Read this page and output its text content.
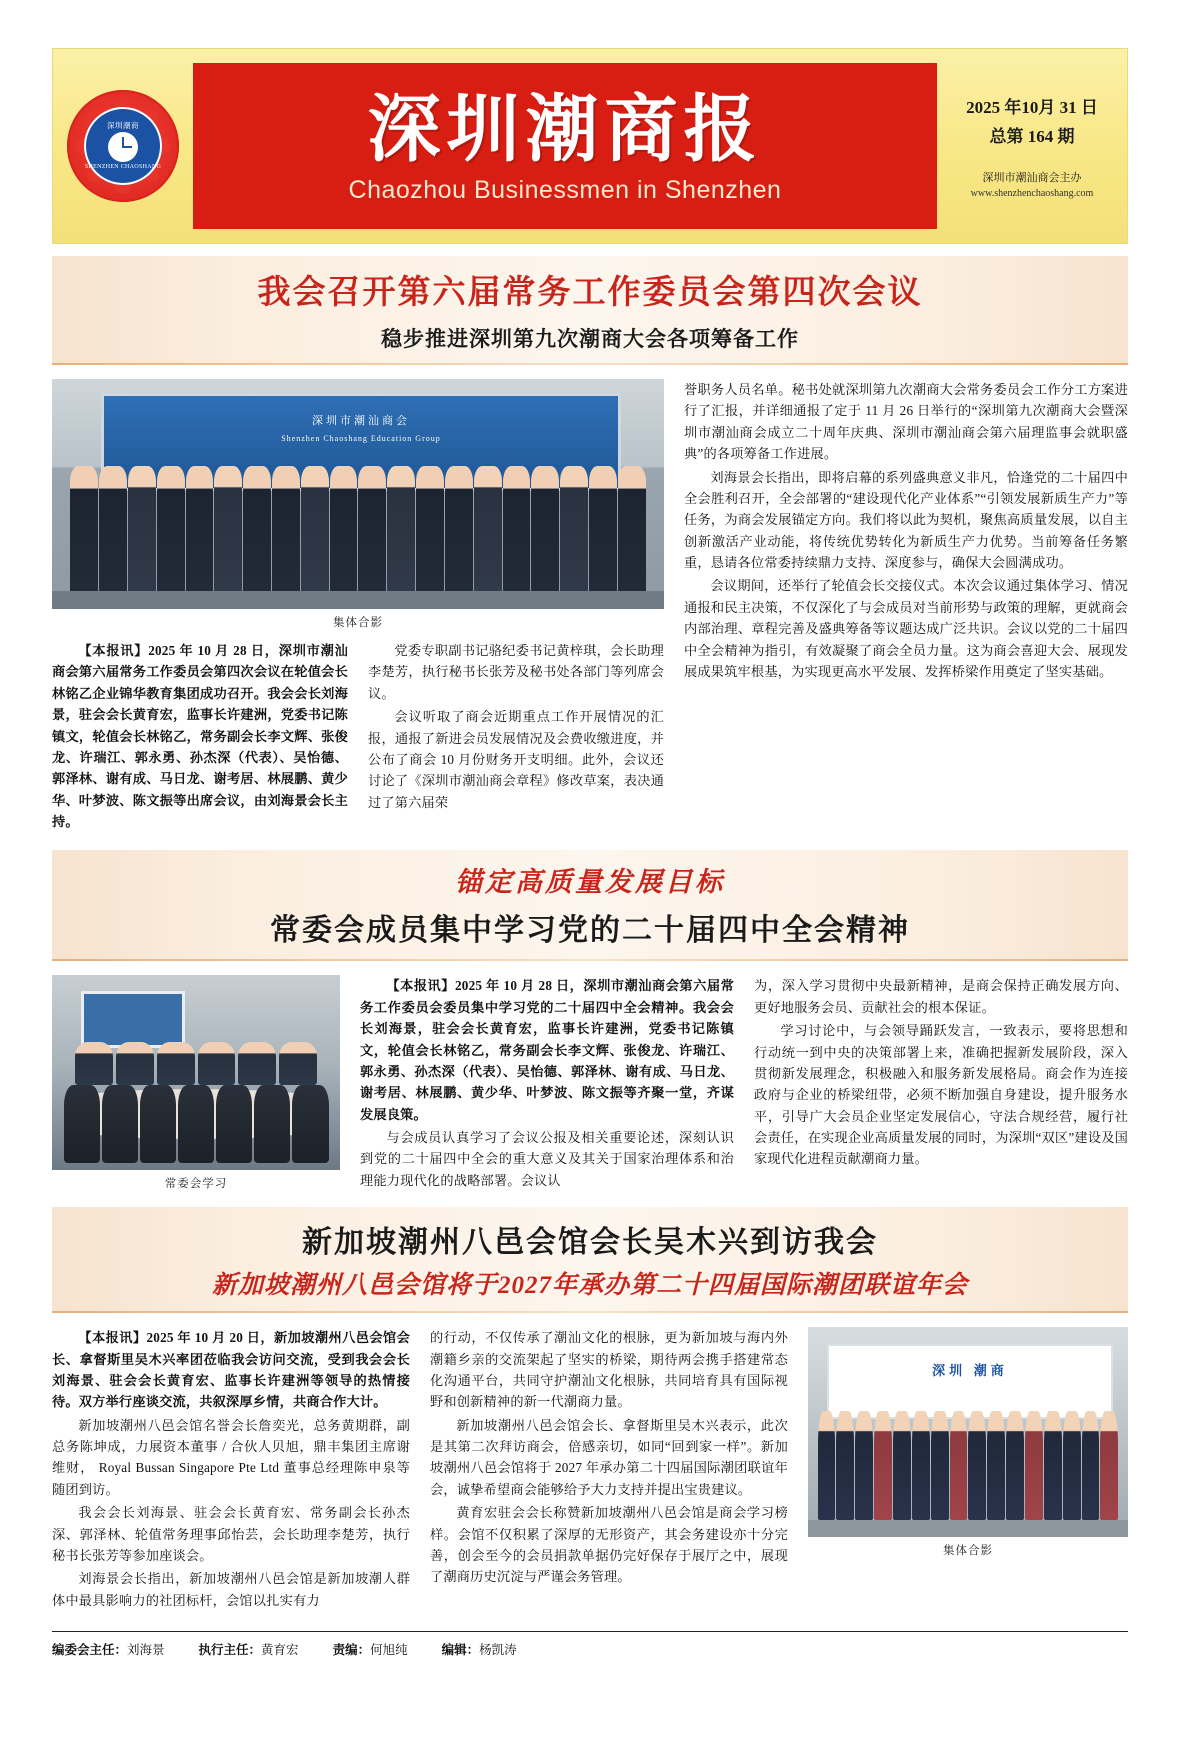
深圳潮商
SHENZHEN CHAOSHANG	深圳潮商报
Chaozhou Businessmen in Shenzhen
2025 年10月 31 日
总第 164 期
深圳市潮汕商会主办
www.shenzhenchaoshang.com
我会召开第六届常务工作委员会第四次会议
稳步推进深圳第九次潮商大会各项筹备工作
深圳市潮汕商会
Shenzhen Chaoshang Education Group
集体合影

【本报讯】2025 年 10 月 28 日，深圳市潮汕商会第六届常务工作委员会第四次会议在轮值会长林铭乙企业锦华教育集团成功召开。我会会长刘海景，驻会会长黄育宏，监事长许建洲，党委书记陈镇文，轮值会长林铭乙，常务副会长李文辉、张俊龙、许瑞江、郭永勇、孙杰深（代表）、吴怡德、郭泽林、谢有成、马日龙、谢考居、林展鹏、黄少华、叶梦波、陈文振等出席会议，由刘海景会长主持。

党委专职副书记骆纪委书记黄梓琪，会长助理李楚芳，执行秘书长张芳及秘书处各部门等列席会议。

会议听取了商会近期重点工作开展情况的汇报，通报了新进会员发展情况及会费收缴进度，并公布了商会 10 月份财务开支明细。此外，会议还讨论了《深圳市潮汕商会章程》修改草案，表决通过了第六届荣

誉职务人员名单。秘书处就深圳第九次潮商大会常务委员会工作分工方案进行了汇报，并详细通报了定于 11 月 26 日举行的“深圳第九次潮商大会暨深圳市潮汕商会成立二十周年庆典、深圳市潮汕商会第六届理监事会就职盛典”的各项筹备工作进展。

刘海景会长指出，即将启幕的系列盛典意义非凡，恰逢党的二十届四中全会胜利召开，全会部署的“建设现代化产业体系”“引领发展新质生产力”等任务，为商会发展锚定方向。我们将以此为契机，聚焦高质量发展，以自主创新激活产业动能，将传统优势转化为新质生产力优势。当前筹备任务繁重，恳请各位常委持续鼎力支持、深度参与，确保大会圆满成功。

会议期间，还举行了轮值会长交接仪式。本次会议通过集体学习、情况通报和民主决策，不仅深化了与会成员对当前形势与政策的理解，更就商会内部治理、章程完善及盛典筹备等议题达成广泛共识。会议以党的二十届四中全会精神为指引，有效凝聚了商会全员力量。这为商会喜迎大会、展现发展成果筑牢根基，为实现更高水平发展、发挥桥梁作用奠定了坚实基础。

锚定高质量发展目标
常委会成员集中学习党的二十届四中全会精神
常委会学习

【本报讯】2025 年 10 月 28 日，深圳市潮汕商会第六届常务工作委员会委员集中学习党的二十届四中全会精神。我会会长刘海景，驻会会长黄育宏，监事长许建洲，党委书记陈镇文，轮值会长林铭乙，常务副会长李文辉、张俊龙、许瑞江、郭永勇、孙杰深（代表）、吴怡德、郭泽林、谢有成、马日龙、谢考居、林展鹏、黄少华、叶梦波、陈文振等齐聚一堂，齐谋发展良策。

与会成员认真学习了会议公报及相关重要论述，深刻认识到党的二十届四中全会的重大意义及其关于国家治理体系和治理能力现代化的战略部署。会议认

为，深入学习贯彻中央最新精神，是商会保持正确发展方向、更好地服务会员、贡献社会的根本保证。

学习讨论中，与会领导踊跃发言，一致表示，要将思想和行动统一到中央的决策部署上来，准确把握新发展阶段，深入贯彻新发展理念，积极融入和服务新发展格局。商会作为连接政府与企业的桥梁纽带，必须不断加强自身建设，提升服务水平，引导广大会员企业坚定发展信心，守法合规经营，履行社会责任，在实现企业高质量发展的同时，为深圳“双区”建设及国家现代化进程贡献潮商力量。

新加坡潮州八邑会馆会长吴木兴到访我会
新加坡潮州八邑会馆将于2027年承办第二十四届国际潮团联谊年会

【本报讯】2025 年 10 月 20 日，新加坡潮州八邑会馆会长、拿督斯里吴木兴率团莅临我会访问交流，受到我会会长刘海景、驻会会长黄育宏、监事长许建洲等领导的热情接待。双方举行座谈交流，共叙深厚乡情，共商合作大计。

新加坡潮州八邑会馆名誉会长詹奕光，总务黄期群，副总务陈坤成，力展资本董事 / 合伙人贝旭，鼎丰集团主席谢维财， Royal Bussan Singapore Pte Ltd 董事总经理陈申泉等随团到访。

我会会长刘海景、驻会会长黄育宏、常务副会长孙杰深、郭泽林、轮值常务理事邱怡芸，会长助理李楚芳，执行秘书长张芳等参加座谈会。

刘海景会长指出，新加坡潮州八邑会馆是新加坡潮人群体中最具影响力的社团标杆，会馆以扎实有力

的行动，不仅传承了潮汕文化的根脉，更为新加坡与海内外潮籍乡亲的交流架起了坚实的桥梁，期待两会携手搭建常态化沟通平台，共同守护潮汕文化根脉，共同培育具有国际视野和创新精神的新一代潮商力量。

新加坡潮州八邑会馆会长、拿督斯里吴木兴表示，此次是其第二次拜访商会，倍感亲切，如同“回到家一样”。新加坡潮州八邑会馆将于 2027 年承办第二十四届国际潮团联谊年会，诚挚希望商会能够给予大力支持并提出宝贵建议。

黄育宏驻会会长称赞新加坡潮州八邑会馆是商会学习榜样。会馆不仅积累了深厚的无形资产，其会务建设亦十分完善，创会至今的会员捐款单据仍完好保存于展厅之中，展现了潮商历史沉淀与严谨会务管理。

深圳 潮商
集体合影
编委会主任：刘海景	执行主任：黄育宏	责编：何旭纯	编辑：杨凯涛
